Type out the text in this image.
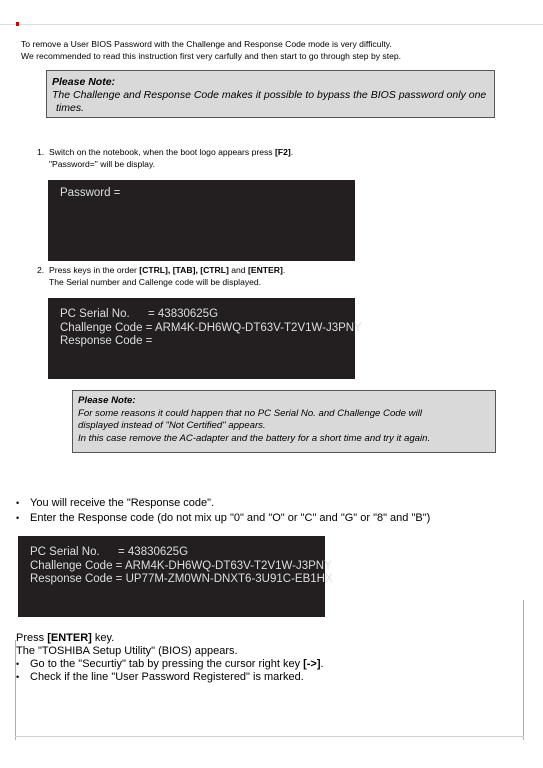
To remove a User BIOS Password with the Challenge and Response Code mode is very difficulty.
We recommended to read this instruction first very carfully and then start to go through step by step.
Please Note:
The Challenge and Response Code makes it possible to bypass the BIOS password only one
times.
1. Switch on the notebook, when the boot logo appears press [F2].
"Password=" will be display.
Password =
2. Press keys in the order [CTRL], [TAB], [CTRL] and [ENTER].
The Serial number and Callenge code will be displayed.
PC Serial No.	= 43830625G
Challenge Code = ARM4K-DH6WQ-DT63V-T2V1W-J3PNY
Response Code =
Please Note:
For some reasons it could happen that no PC Serial No. and Challenge Code will
displayed instead of "Not Certified" appears.
In this case remove the AC-adapter and the battery for a short time and try it again.
• You will receive the "Response code".
• Enter the Response code (do not mix up "0" and "O" or "C" and "G" or "8" and "B")
PC Serial No.	= 43830625G
Challenge Code = ARM4K-DH6WQ-DT63V-T2V1W-J3PNY
Response Code = UP77M-ZM0WN-DNXT6-3U91C-EB1HX
Press [ENTER] key.
The "TOSHIBA Setup Utility" (BIOS) appears.
• Go to the "Securtiy" tab by pressing the cursor right key [->] .
• Check if the line "User Password Registered" is marked.
